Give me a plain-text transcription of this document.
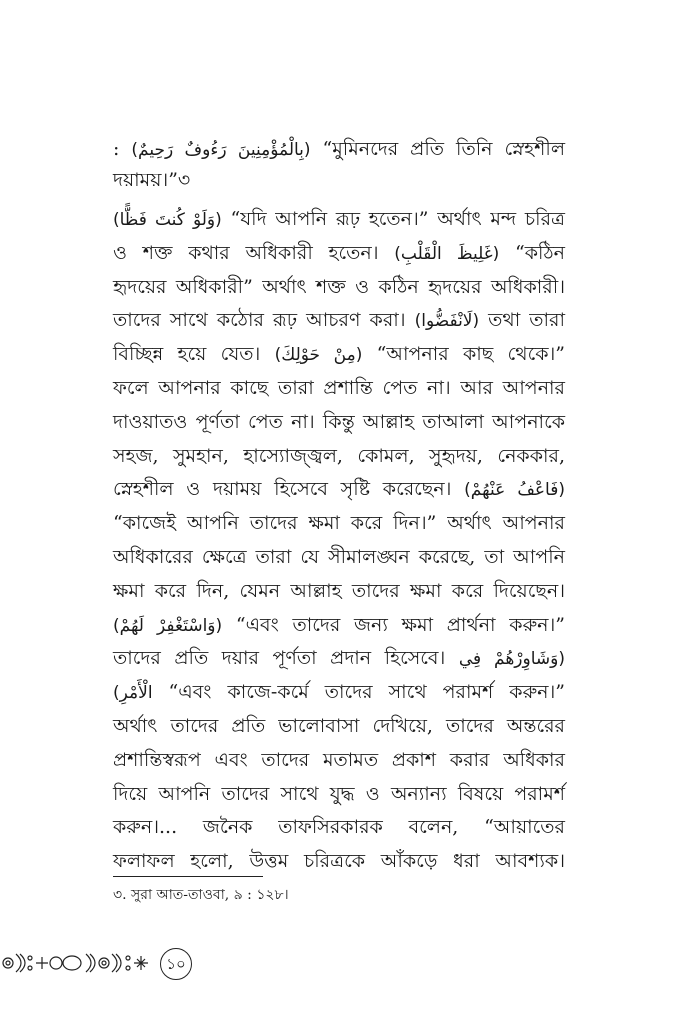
: (بِالْمُؤْمِنِينَ رَءُوفٌ رَحِيمٌ) “মুমিনদের প্রতি তিনি স্নেহশীল
দয়াময়।”৩
(وَلَوْ كُنتَ فَظًّا) “যদি আপনি রূঢ় হতেন।” অর্থাৎ মন্দ চরিত্র
ও শক্ত কথার অধিকারী হতেন। (غَلِيظَ الْقَلْبِ) “কঠিন
হৃদয়ের অধিকারী” অর্থাৎ শক্ত ও কঠিন হৃদয়ের অধিকারী।
তাদের সাথে কঠোর রূঢ় আচরণ করা। (لَانْفَضُّوا) তথা তারা
বিচ্ছিন্ন হয়ে যেত। (مِنْ حَوْلِكَ) “আপনার কাছ থেকে।”
ফলে আপনার কাছে তারা প্রশান্তি পেত না। আর আপনার
দাওয়াতও পূর্ণতা পেত না। কিন্তু আল্লাহ তাআলা আপনাকে
সহজ, সুমহান, হাস্যোজ্জ্বল, কোমল, সুহৃদয়, নেককার,
স্নেহশীল ও দয়াময় হিসেবে সৃষ্টি করেছেন। (فَاعْفُ عَنْهُمْ)
“কাজেই আপনি তাদের ক্ষমা করে দিন।” অর্থাৎ আপনার
অধিকারের ক্ষেত্রে তারা যে সীমালঙ্ঘন করেছে, তা আপনি
ক্ষমা করে দিন, যেমন আল্লাহ তাদের ক্ষমা করে দিয়েছেন।
(وَاسْتَغْفِرْ لَهُمْ) “এবং তাদের জন্য ক্ষমা প্রার্থনা করুন।”
তাদের প্রতি দয়ার পূর্ণতা প্রদান হিসেবে। (وَشَاوِرْهُمْ فِي
الْأَمْرِ) “এবং কাজে-কর্মে তাদের সাথে পরামর্শ করুন।”
অর্থাৎ তাদের প্রতি ভালোবাসা দেখিয়ে, তাদের অন্তরের
প্রশান্তিস্বরূপ এবং তাদের মতামত প্রকাশ করার অধিকার
দিয়ে আপনি তাদের সাথে যুদ্ধ ও অন্যান্য বিষয়ে পরামর্শ
করুন।... জনৈক তাফসিরকারক বলেন, “আয়াতের
ফলাফল হলো, উত্তম চরিত্রকে আঁকড়ে ধরা আবশ্যক।
৩. সুরা আত-তাওবা, ৯ : ১২৮।
১০
